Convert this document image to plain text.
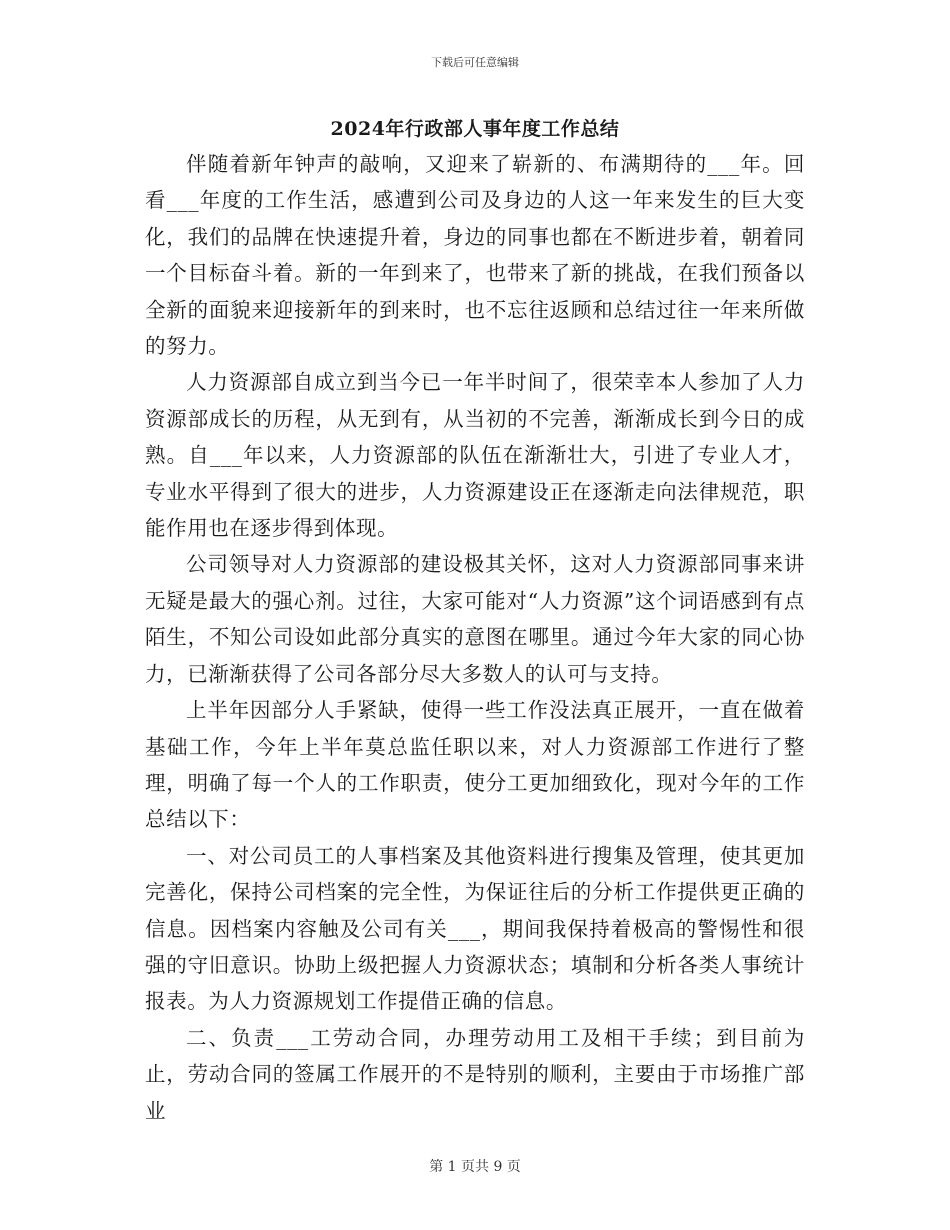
下载后可任意编辑
2024年行政部人事年度工作总结

伴随着新年钟声的敲响，又迎来了崭新的、布满期待的___年。回看___年度的工作生活，感遭到公司及身边的人这一年来发生的巨大变化，我们的品牌在快速提升着，身边的同事也都在不断进步着，朝着同一个目标奋斗着。新的一年到来了，也带来了新的挑战，在我们预备以全新的面貌来迎接新年的到来时，也不忘往返顾和总结过往一年来所做的努力。

人力资源部自成立到当今已一年半时间了，很荣幸本人参加了人力资源部成长的历程，从无到有，从当初的不完善，渐渐成长到今日的成熟。自___年以来，人力资源部的队伍在渐渐壮大，引进了专业人才，专业水平得到了很大的进步，人力资源建设正在逐渐走向法律规范，职能作用也在逐步得到体现。

公司领导对人力资源部的建设极其关怀，这对人力资源部同事来讲无疑是最大的强心剂。过往，大家可能对“人力资源”这个词语感到有点陌生，不知公司设如此部分真实的意图在哪里。通过今年大家的同心协力，已渐渐获得了公司各部分尽大多数人的认可与支持。

上半年因部分人手紧缺，使得一些工作没法真正展开，一直在做着基础工作，今年上半年莫总监任职以来，对人力资源部工作进行了整理，明确了每一个人的工作职责，使分工更加细致化，现对今年的工作总结以下：

一、对公司员工的人事档案及其他资料进行搜集及管理，使其更加完善化，保持公司档案的完全性，为保证往后的分析工作提供更正确的信息。因档案内容触及公司有关___，期间我保持着极高的警惕性和很强的守旧意识。协助上级把握人力资源状态；填制和分析各类人事统计报表。为人力资源规划工作提借正确的信息。

二、负责___工劳动合同，办理劳动用工及相干手续；到目前为止，劳动合同的签属工作展开的不是特别的顺利，主要由于市场推广部业

第 1 页共 9 页
